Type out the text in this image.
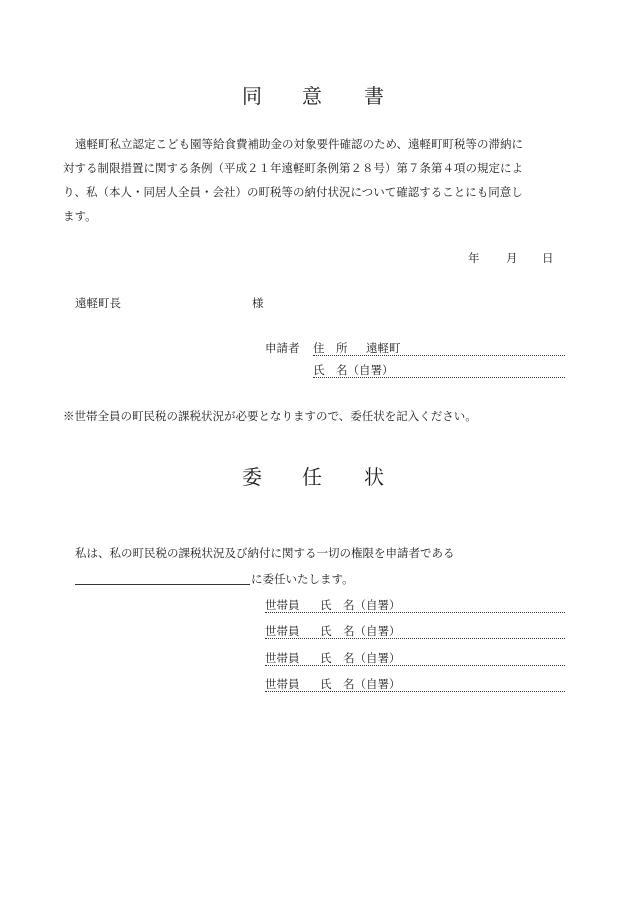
同 意 書
遠軽町私立認定こども園等給食費補助金の対象要件確認のため、遠軽町町税等の滞納に
対する制限措置に関する条例（平成２１年遠軽町条例第２８号）第７条第４項の規定によ
り、私（本人・同居人全員・会社）の町税等の納付状況について確認することにも同意し
ます。
年 月 日
遠軽町長	様
申請者 住　所 遠軽町
氏　名（自署）
※世帯全員の町民税の課税状況が必要となりますので、委任状を記入ください。
委 任 状
私は、私の町民税の課税状況及び納付に関する一切の権限を申請者である
に委任いたします。
世帯員 氏　名（自署）
世帯員 氏　名（自署）
世帯員 氏　名（自署）
世帯員 氏　名（自署）
